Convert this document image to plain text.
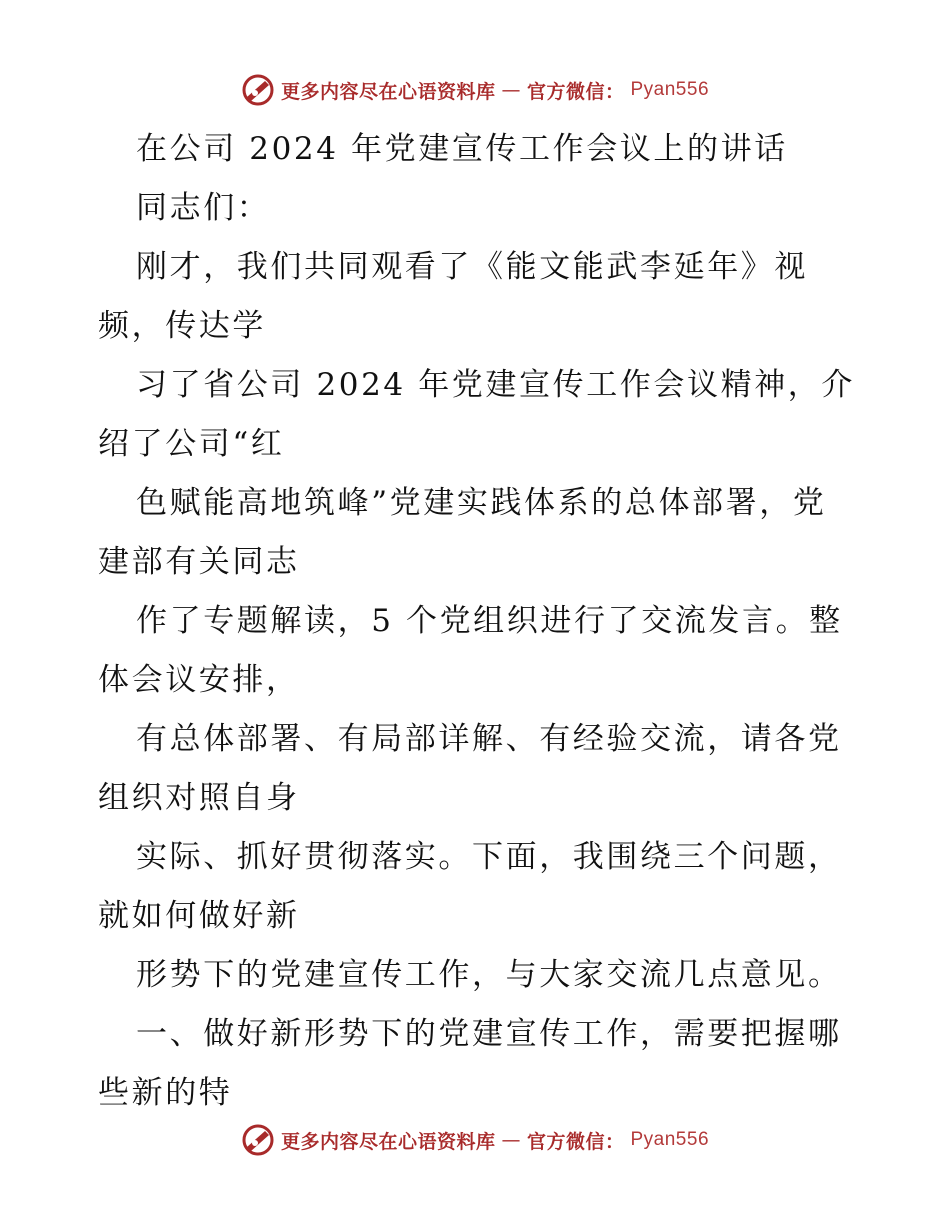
更多内容尽在心语资料库 — 官方微信： Pyan556
在公司 2024 年党建宣传工作会议上的讲话
同志们：
刚才，我们共同观看了《能文能武李延年》视
频，传达学
习了省公司 2024 年党建宣传工作会议精神，介
绍了公司“红
色赋能高地筑峰”党建实践体系的总体部署，党
建部有关同志
作了专题解读，5 个党组织进行了交流发言。整
体会议安排，
有总体部署、有局部详解、有经验交流，请各党
组织对照自身
实际、抓好贯彻落实。下面，我围绕三个问题，
就如何做好新
形势下的党建宣传工作，与大家交流几点意见。
一、做好新形势下的党建宣传工作，需要把握哪
些新的特
更多内容尽在心语资料库 — 官方微信： Pyan556
